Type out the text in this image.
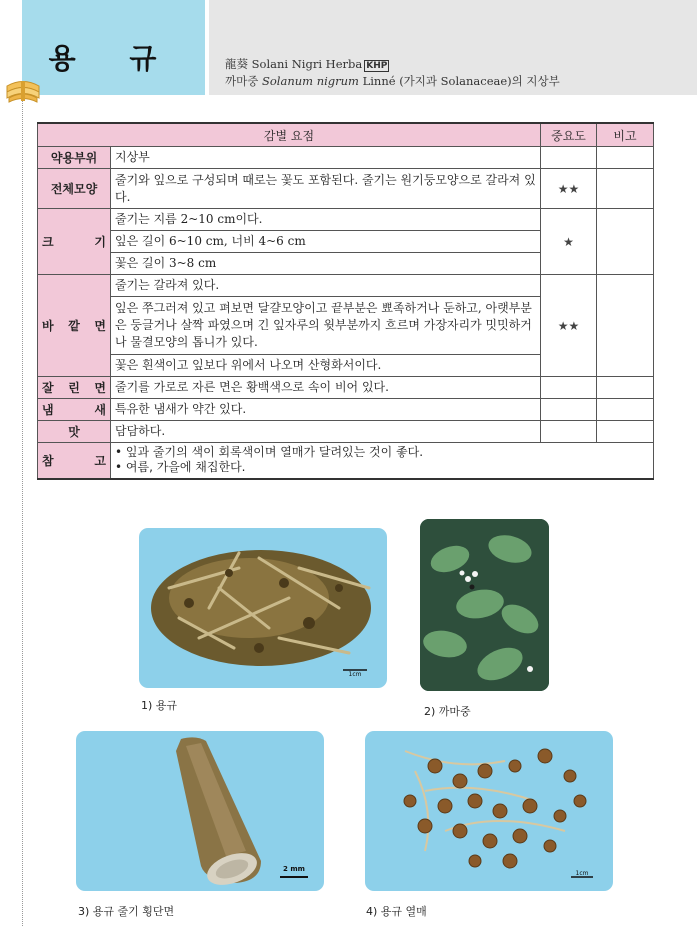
용 규	龍葵 Solani Nigri Herba KHP
까마중 Solanum nigrum Linné (가지과 Solanaceae)의 지상부
감별 요점		중요도	비고
약용부위	지상부		
전체모양	줄기와 잎으로 구성되며 때로는 꽃도 포함된다. 줄기는 원기둥모양으로 갈라져 있다.	★★	
크 기	줄기는 지름 2~10 cm이다.	★	
	잎은 길이 6~10 cm, 너비 4~6 cm		
	꽃은 길이 3~8 cm		
바 깥 면	줄기는 갈라져 있다.	★★	
	잎은 쭈그러져 있고 펴보면 달걀모양이고 끝부분은 뾰족하거나 둔하고, 아랫부분은 둥글거나 살짝 파였으며 긴 잎자루의 윗부분까지 흐르며 가장자리가 밋밋하거나 물결모양의 톱니가 있다.		
	꽃은 흰색이고 잎보다 위에서 나오며 산형화서이다.		
잘 린 면	줄기를 가로로 자른 면은 황백색으로 속이 비어 있다.		
냄 새	특유한 냄새가 약간 있다.		
맛	담담하다.		
참 고	• 잎과 줄기의 색이 회록색이며 열매가 달려있는 것이 좋다.
• 여름, 가을에 채집한다.		
1cm
1) 용규	2) 까마중
2 mm
3) 용규 줄기 횡단면
1cm
4) 용규 열매
